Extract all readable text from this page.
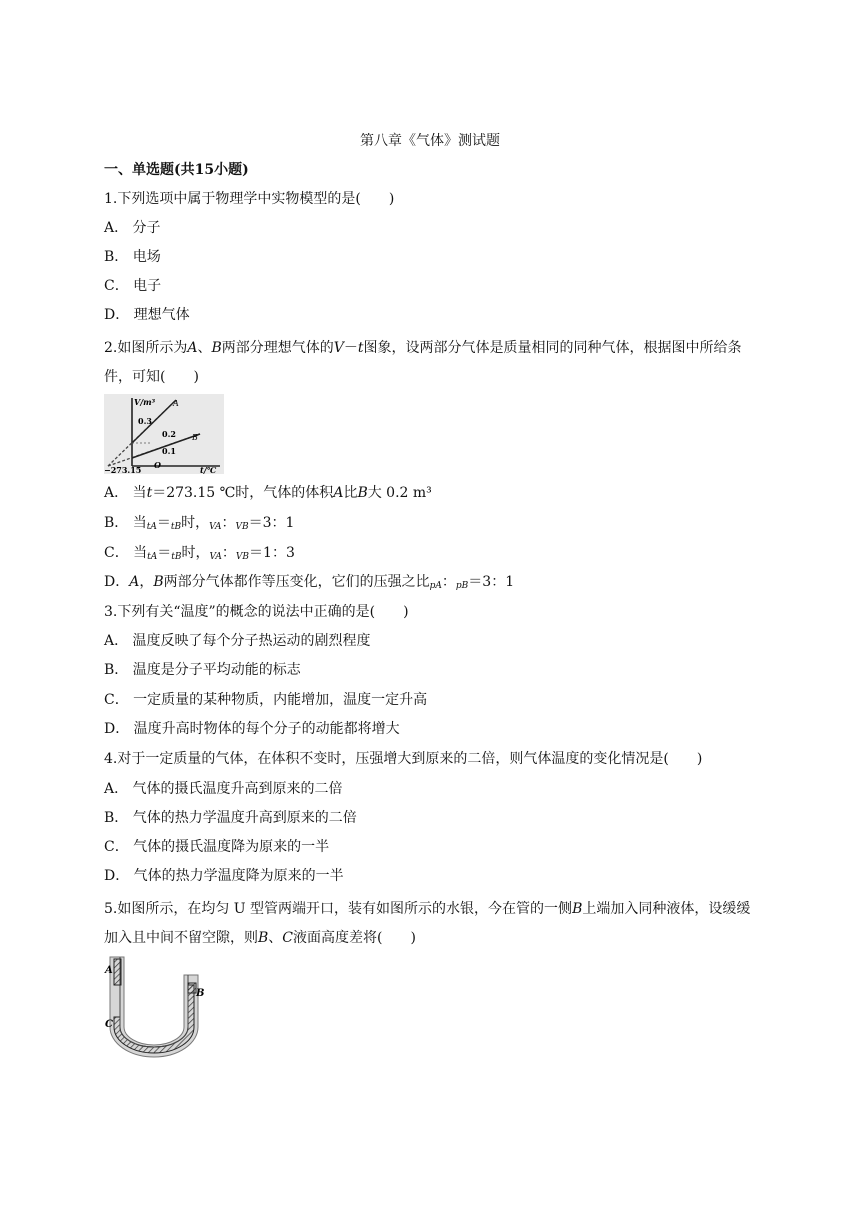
第八章《气体》测试题
一、单选题(共15小题)
1.下列选项中属于物理学中实物模型的是(　　)
A． 分子
B． 电场
C． 电子
D． 理想气体
2.如图所示为A、B两部分理想气体的V－t图象，设两部分气体是质量相同的同种气体，根据图中所给条件，可知(　　)
V/m³ A
B
0.3
0.2
0.1
O
−273.15	t/℃
A． 当t＝273.15 ℃时，气体的体积A比B大 0.2 m³
B． 当$_{tA}=_{tB}$时，$_{VA}$：$_{VB}$＝3：1
C． 当$_{tA}=_{tB}$时，$_{VA}$：$_{VB}$＝1：3
D．A，B两部分气体都作等压变化，它们的压强之比$_{pA}$：$_{pB}$＝3：1
3.下列有关“温度”的概念的说法中正确的是(　　)
A． 温度反映了每个分子热运动的剧烈程度
B． 温度是分子平均动能的标志
C． 一定质量的某种物质，内能增加，温度一定升高
D． 温度升高时物体的每个分子的动能都将增大
4.对于一定质量的气体，在体积不变时，压强增大到原来的二倍，则气体温度的变化情况是(　　)
A． 气体的摄氏温度升高到原来的二倍
B． 气体的热力学温度升高到原来的二倍
C． 气体的摄氏温度降为原来的一半
D． 气体的热力学温度降为原来的一半
5.如图所示，在均匀 U 型管两端开口，装有如图所示的水银，今在管的一侧B上端加入同种液体，设缓缓加入且中间不留空隙，则B、C液面高度差将(　　)
A
B
C
